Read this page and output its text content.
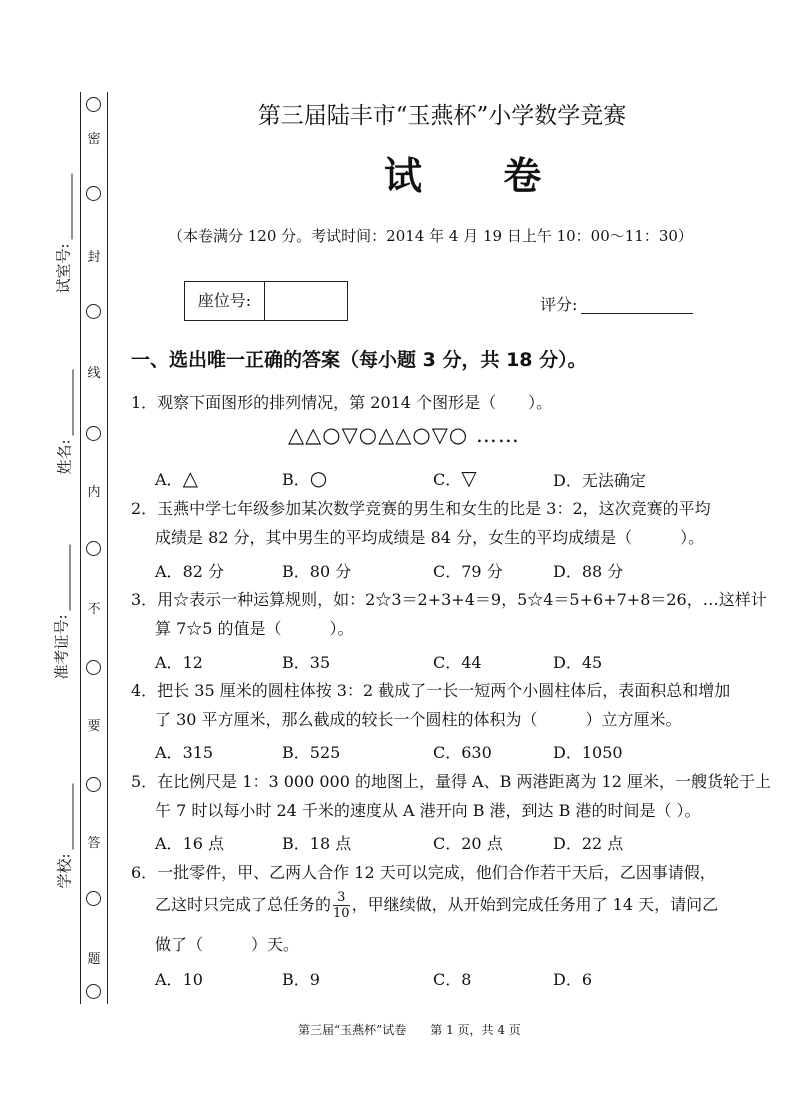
密
封
线
内
不
要
答
题
试室号:
姓名:
准考证号:
学校:
第三届陆丰市“玉燕杯”小学数学竞赛
试 卷
（本卷满分 120 分。考试时间：2014 年 4 月 19 日上午 10：00～11：30）
座位号:	评分:
一、选出唯一正确的答案（每小题 3 分，共 18 分）。
1．观察下面图形的排列情况，第 2014 个图形是（　　）。
△△○▽○△△○▽○ ……
A．△	B．○	C．▽	D．无法确定
2．玉燕中学七年级参加某次数学竞赛的男生和女生的比是 3：2，这次竞赛的平均
成绩是 82 分，其中男生的平均成绩是 84 分，女生的平均成绩是（　　　）。
A．82 分	B．80 分	C．79 分	D．88 分
3．用☆表示一种运算规则，如：2☆3＝2+3+4＝9，5☆4＝5+6+7+8＝26，…这样计
算 7☆5 的值是（　　　）。
A．12	B．35	C．44	D．45
4．把长 35 厘米的圆柱体按 3：2 截成了一长一短两个小圆柱体后，表面积总和增加
了 30 平方厘米，那么截成的较长一个圆柱的体积为（　　　）立方厘米。
A．315	B．525	C．630	D．1050
5．在比例尺是 1：3 000 000 的地图上，量得 A、B 两港距离为 12 厘米，一艘货轮于上
午 7 时以每小时 24 千米的速度从 A 港开向 B 港，到达 B 港的时间是（ ）。
A．16 点	B．18 点	C．20 点	D．22 点
6．一批零件，甲、乙两人合作 12 天可以完成，他们合作若干天后，乙因事请假，
乙这时只完成了总任务的 $\frac{3}{10}$ ，甲继续做，从开始到完成任务用了 14 天，请问乙
做了（　　　）天。
A．10	B．9	C．8	D．6
第三届“玉燕杯”试卷　　第 1 页，共 4 页
